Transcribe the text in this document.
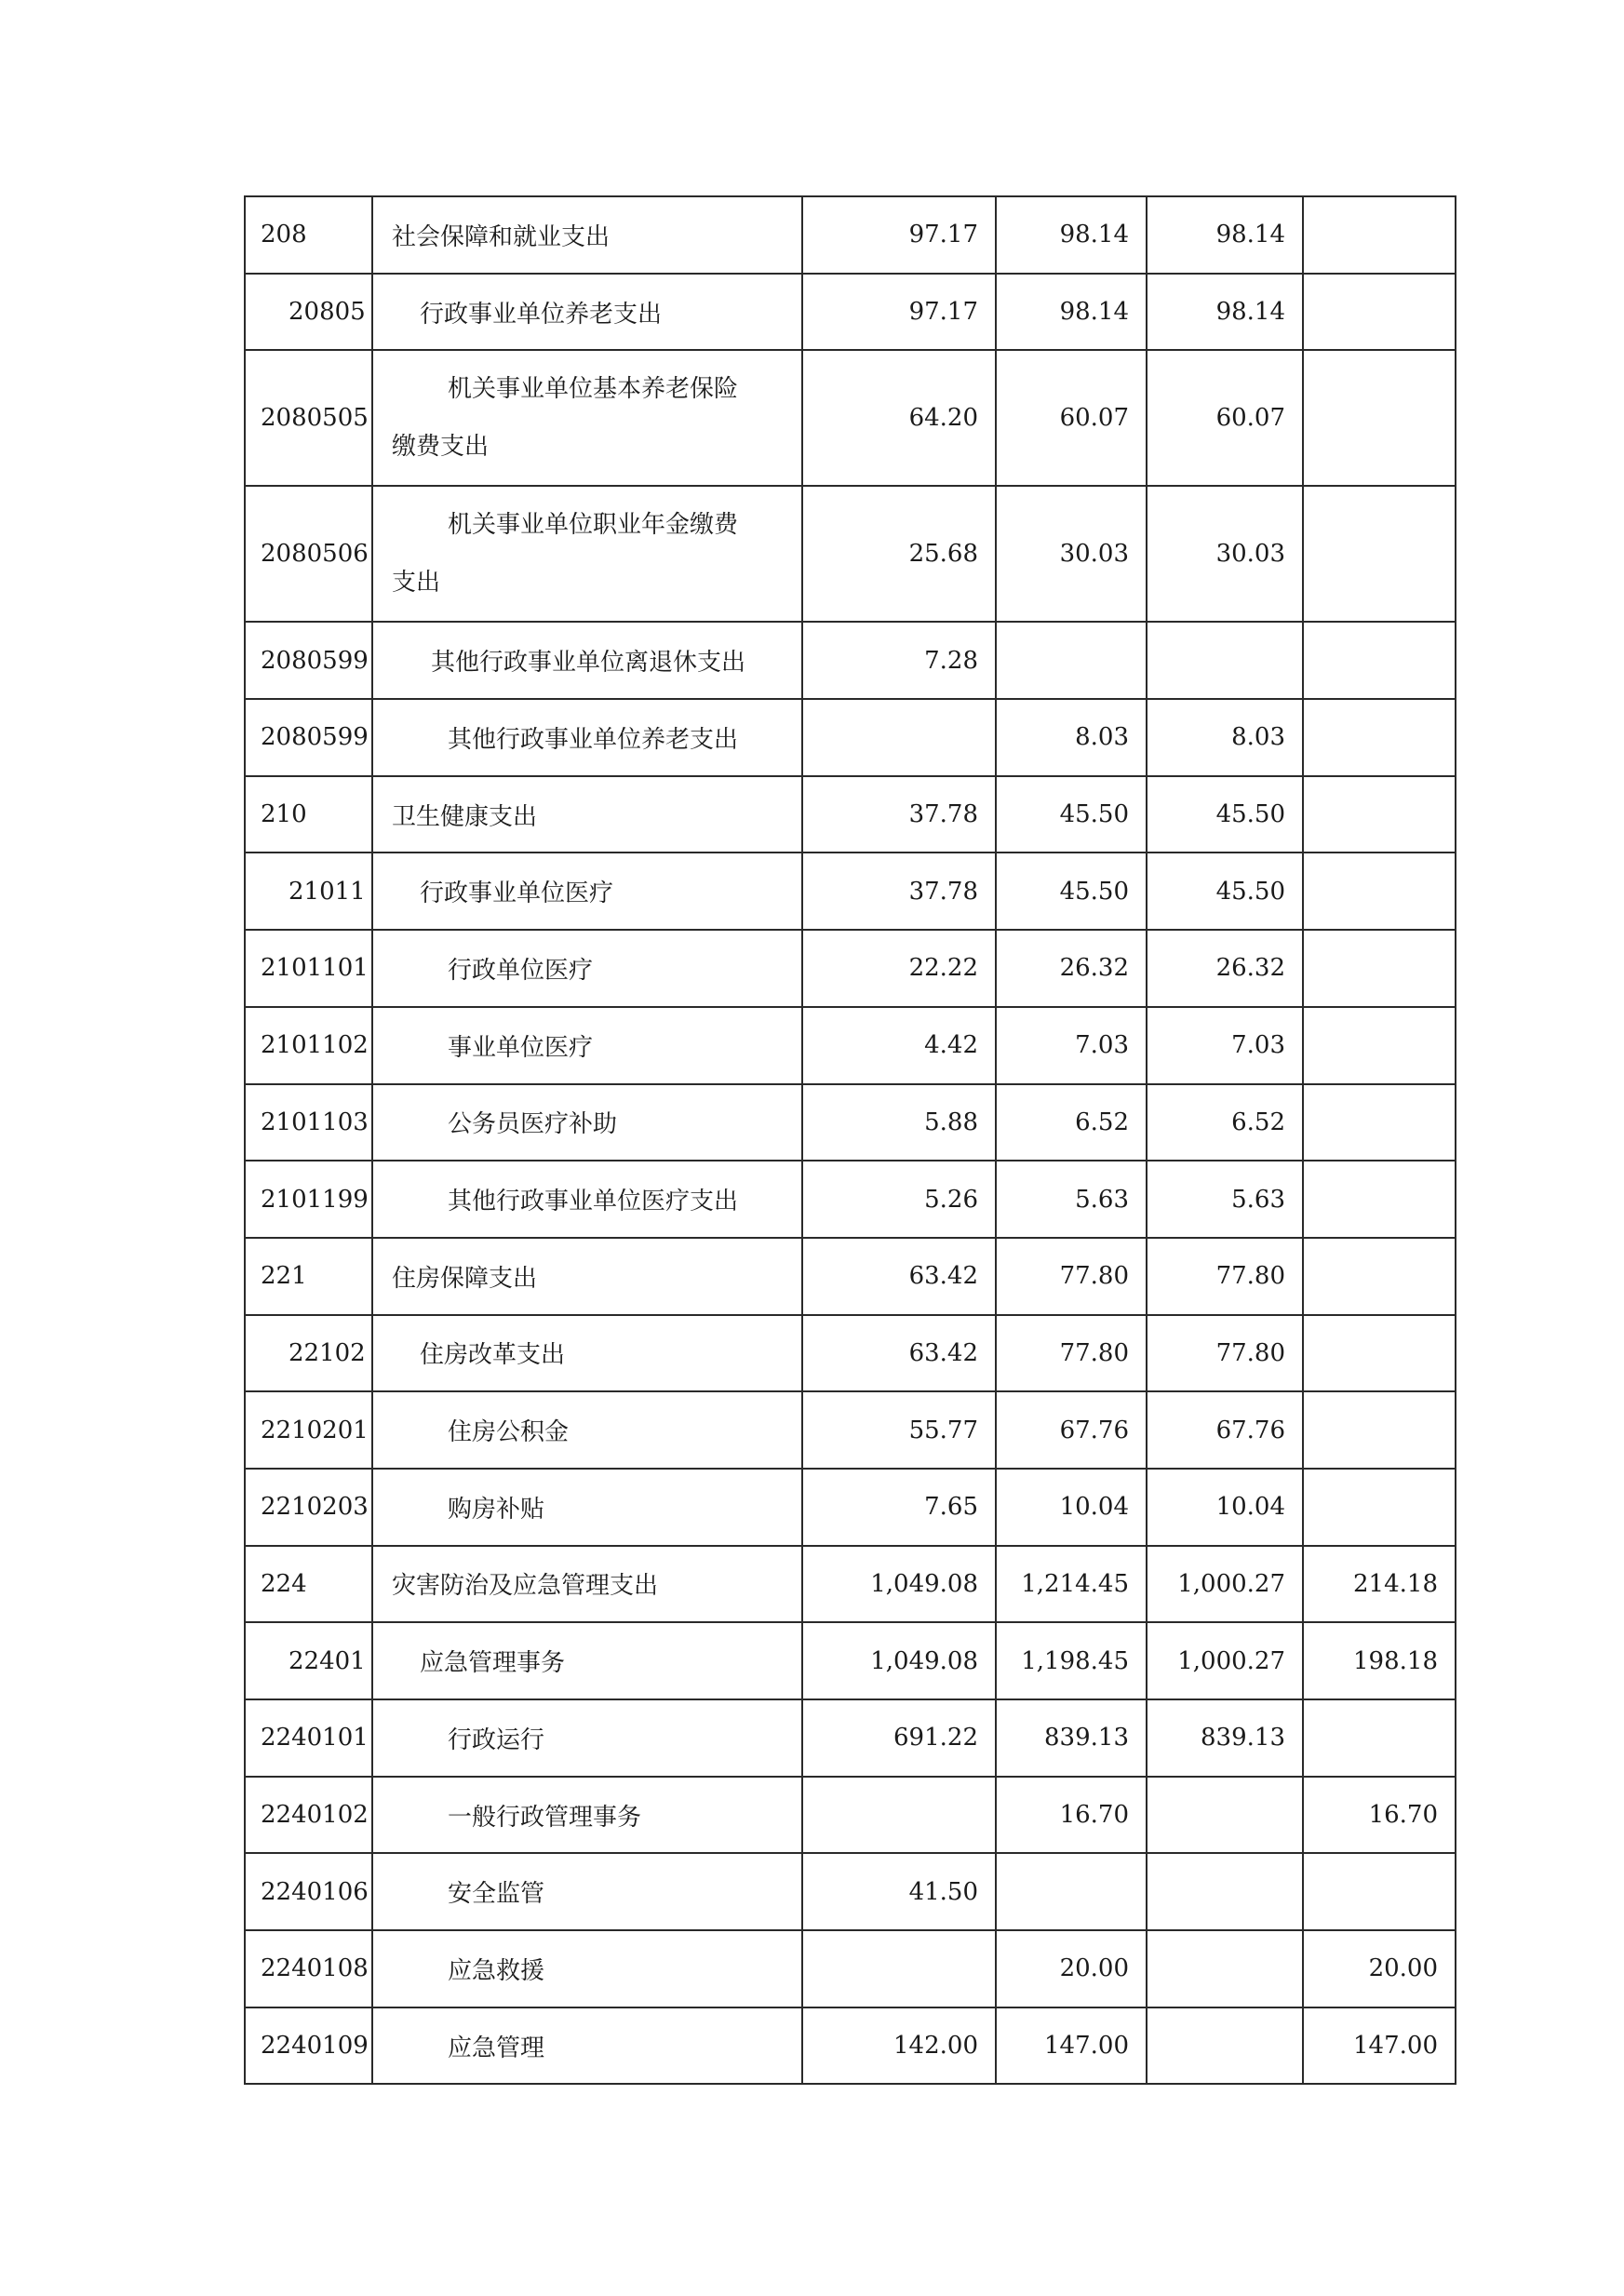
208	社会保障和就业支出	97.17	98.14	98.14	
20805	行政事业单位养老支出	97.17	98.14	98.14	
2080505	机关事业单位基本养老保险
缴费支出	64.20	60.07	60.07	
2080506	机关事业单位职业年金缴费
支出	25.68	30.03	30.03	
2080599	其他行政事业单位离退休支出	7.28			
2080599	其他行政事业单位养老支出		8.03	8.03	
210	卫生健康支出	37.78	45.50	45.50	
21011	行政事业单位医疗	37.78	45.50	45.50	
2101101	行政单位医疗	22.22	26.32	26.32	
2101102	事业单位医疗	4.42	7.03	7.03	
2101103	公务员医疗补助	5.88	6.52	6.52	
2101199	其他行政事业单位医疗支出	5.26	5.63	5.63	
221	住房保障支出	63.42	77.80	77.80	
22102	住房改革支出	63.42	77.80	77.80	
2210201	住房公积金	55.77	67.76	67.76	
2210203	购房补贴	7.65	10.04	10.04	
224	灾害防治及应急管理支出	1,049.08	1,214.45	1,000.27	214.18
22401	应急管理事务	1,049.08	1,198.45	1,000.27	198.18
2240101	行政运行	691.22	839.13	839.13	
2240102	一般行政管理事务		16.70		16.70
2240106	安全监管	41.50			
2240108	应急救援		20.00		20.00
2240109	应急管理	142.00	147.00		147.00
